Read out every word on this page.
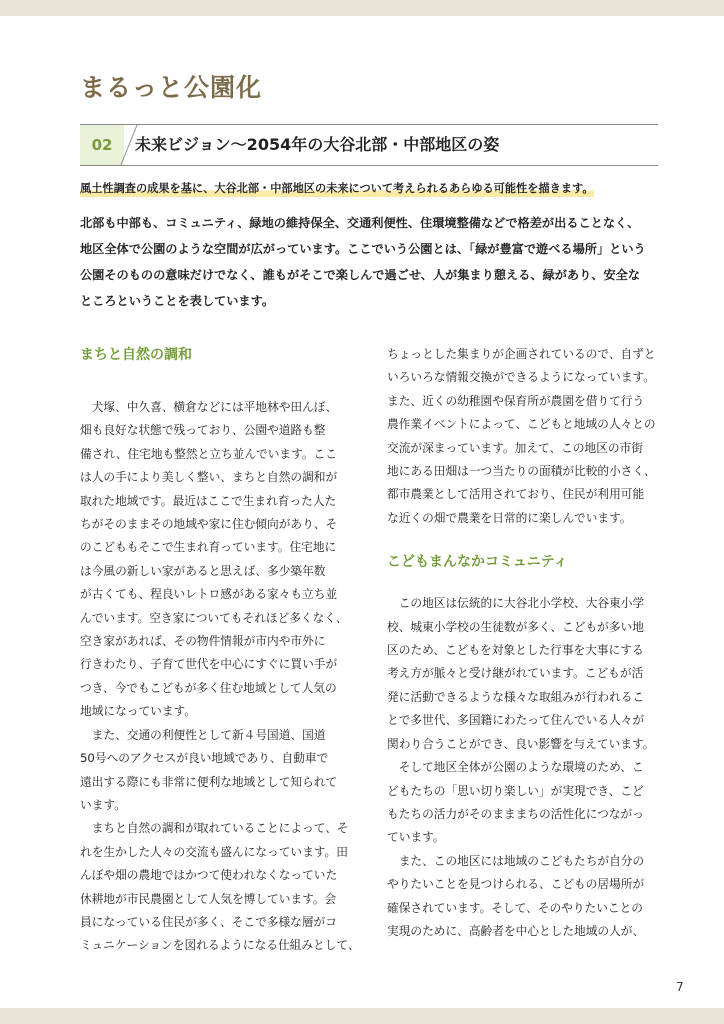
まるっと公園化
02	未来ビジョン～2054年の大谷北部・中部地区の姿
風土性調査の成果を基に、大谷北部・中部地区の未来について考えられるあらゆる可能性を描きます。

北部も中部も、コミュニティ、緑地の維持保全、交通利便性、住環境整備などで格差が出ることなく、

地区全体で公園のような空間が広がっています。ここでいう公園とは、「緑が豊富で遊べる場所」という

公園そのものの意味だけでなく、誰もがそこで楽しんで過ごせ、人が集まり憩える、緑があり、安全な

ところということを表しています。

まちと自然の調和

　犬塚、中久喜、横倉などには平地林や田んぼ、

畑も良好な状態で残っており、公園や道路も整

備され、住宅地も整然と立ち並んでいます。ここ

は人の手により美しく整い、まちと自然の調和が

取れた地域です。最近はここで生まれ育った人た

ちがそのままその地域や家に住む傾向があり、そ

のこどももそこで生まれ育っています。住宅地に

は今風の新しい家があると思えば、多少築年数

が古くても、程良いレトロ感がある家々も立ち並

んでいます。空き家についてもそれほど多くなく、

空き家があれば、その物件情報が市内や市外に

行きわたり、子育て世代を中心にすぐに買い手が

つき、今でもこどもが多く住む地域として人気の

地域になっています。

　また、交通の利便性として新４号国道、国道

50号へのアクセスが良い地域であり、自動車で

遠出する際にも非常に便利な地域として知られて

います。

　まちと自然の調和が取れていることによって、そ

れを生かした人々の交流も盛んになっています。田

んぼや畑の農地ではかつて使われなくなっていた

休耕地が市民農園として人気を博しています。会

員になっている住民が多く、そこで多様な層がコ

ミュニケーションを図れるようになる仕組みとして、

ちょっとした集まりが企画されているので、自ずと

いろいろな情報交換ができるようになっています。

また、近くの幼稚園や保育所が農園を借りて行う

農作業イベントによって、こどもと地域の人々との

交流が深まっています。加えて、この地区の市街

地にある田畑は一つ当たりの面積が比較的小さく、

都市農業として活用されており、住民が利用可能

な近くの畑で農業を日常的に楽しんでいます。

こどもまんなかコミュニティ

　この地区は伝統的に大谷北小学校、大谷東小学

校、城東小学校の生徒数が多く、こどもが多い地

区のため、こどもを対象とした行事を大事にする

考え方が脈々と受け継がれています。こどもが活

発に活動できるような様々な取組みが行われるこ

とで多世代、多国籍にわたって住んでいる人々が

関わり合うことができ、良い影響を与えています。

　そして地区全体が公園のような環境のため、こ

どもたちの「思い切り楽しい」が実現でき、こど

もたちの活力がそのまままちの活性化につながっ

ています。

　また、この地区には地域のこどもたちが自分の

やりたいことを見つけられる、こどもの居場所が

確保されています。そして、そのやりたいことの

実現のために、高齢者を中心とした地域の人が、

7
